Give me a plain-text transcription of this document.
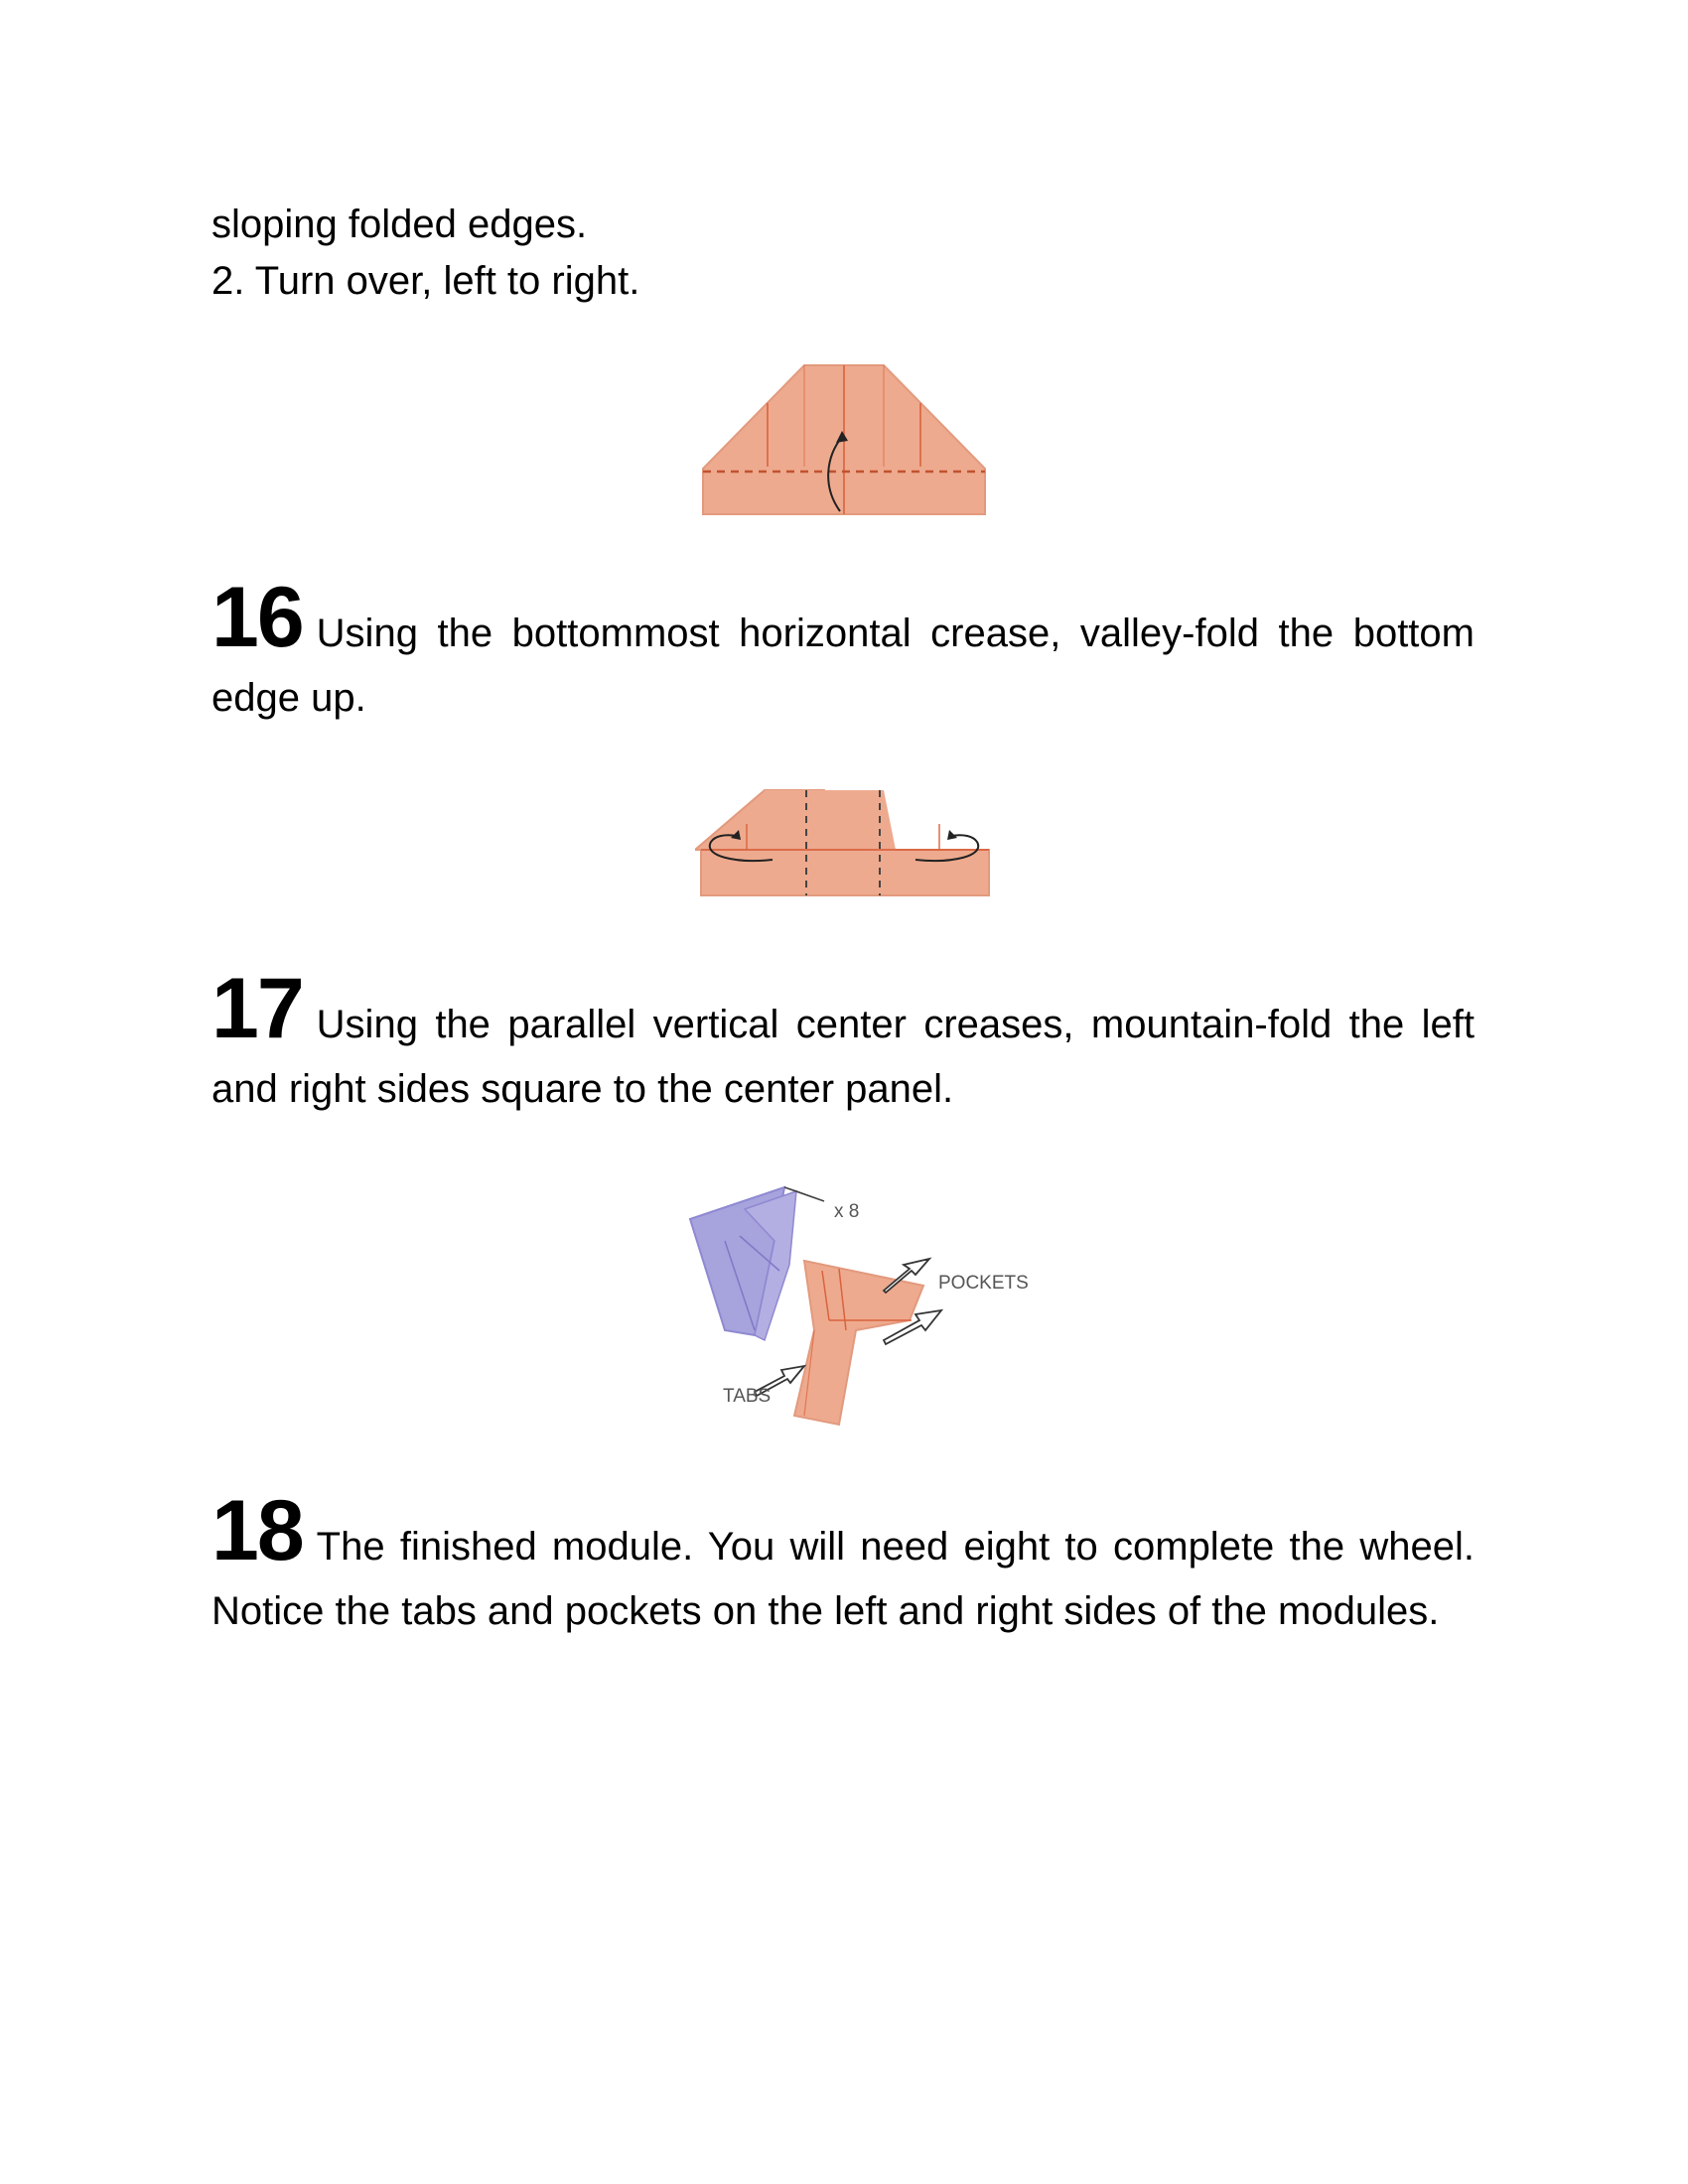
sloping folded edges.

2. Turn over, left to right.

16 Using the bottommost horizontal crease, valley-fold the bottom edge up.
17 Using the parallel vertical center creases, mountain-fold the left and right sides square to the center panel.
x 8
POCKETS
TABS
18 The finished module. You will need eight to complete the wheel. Notice the tabs and pockets on the left and right sides of the modules.
